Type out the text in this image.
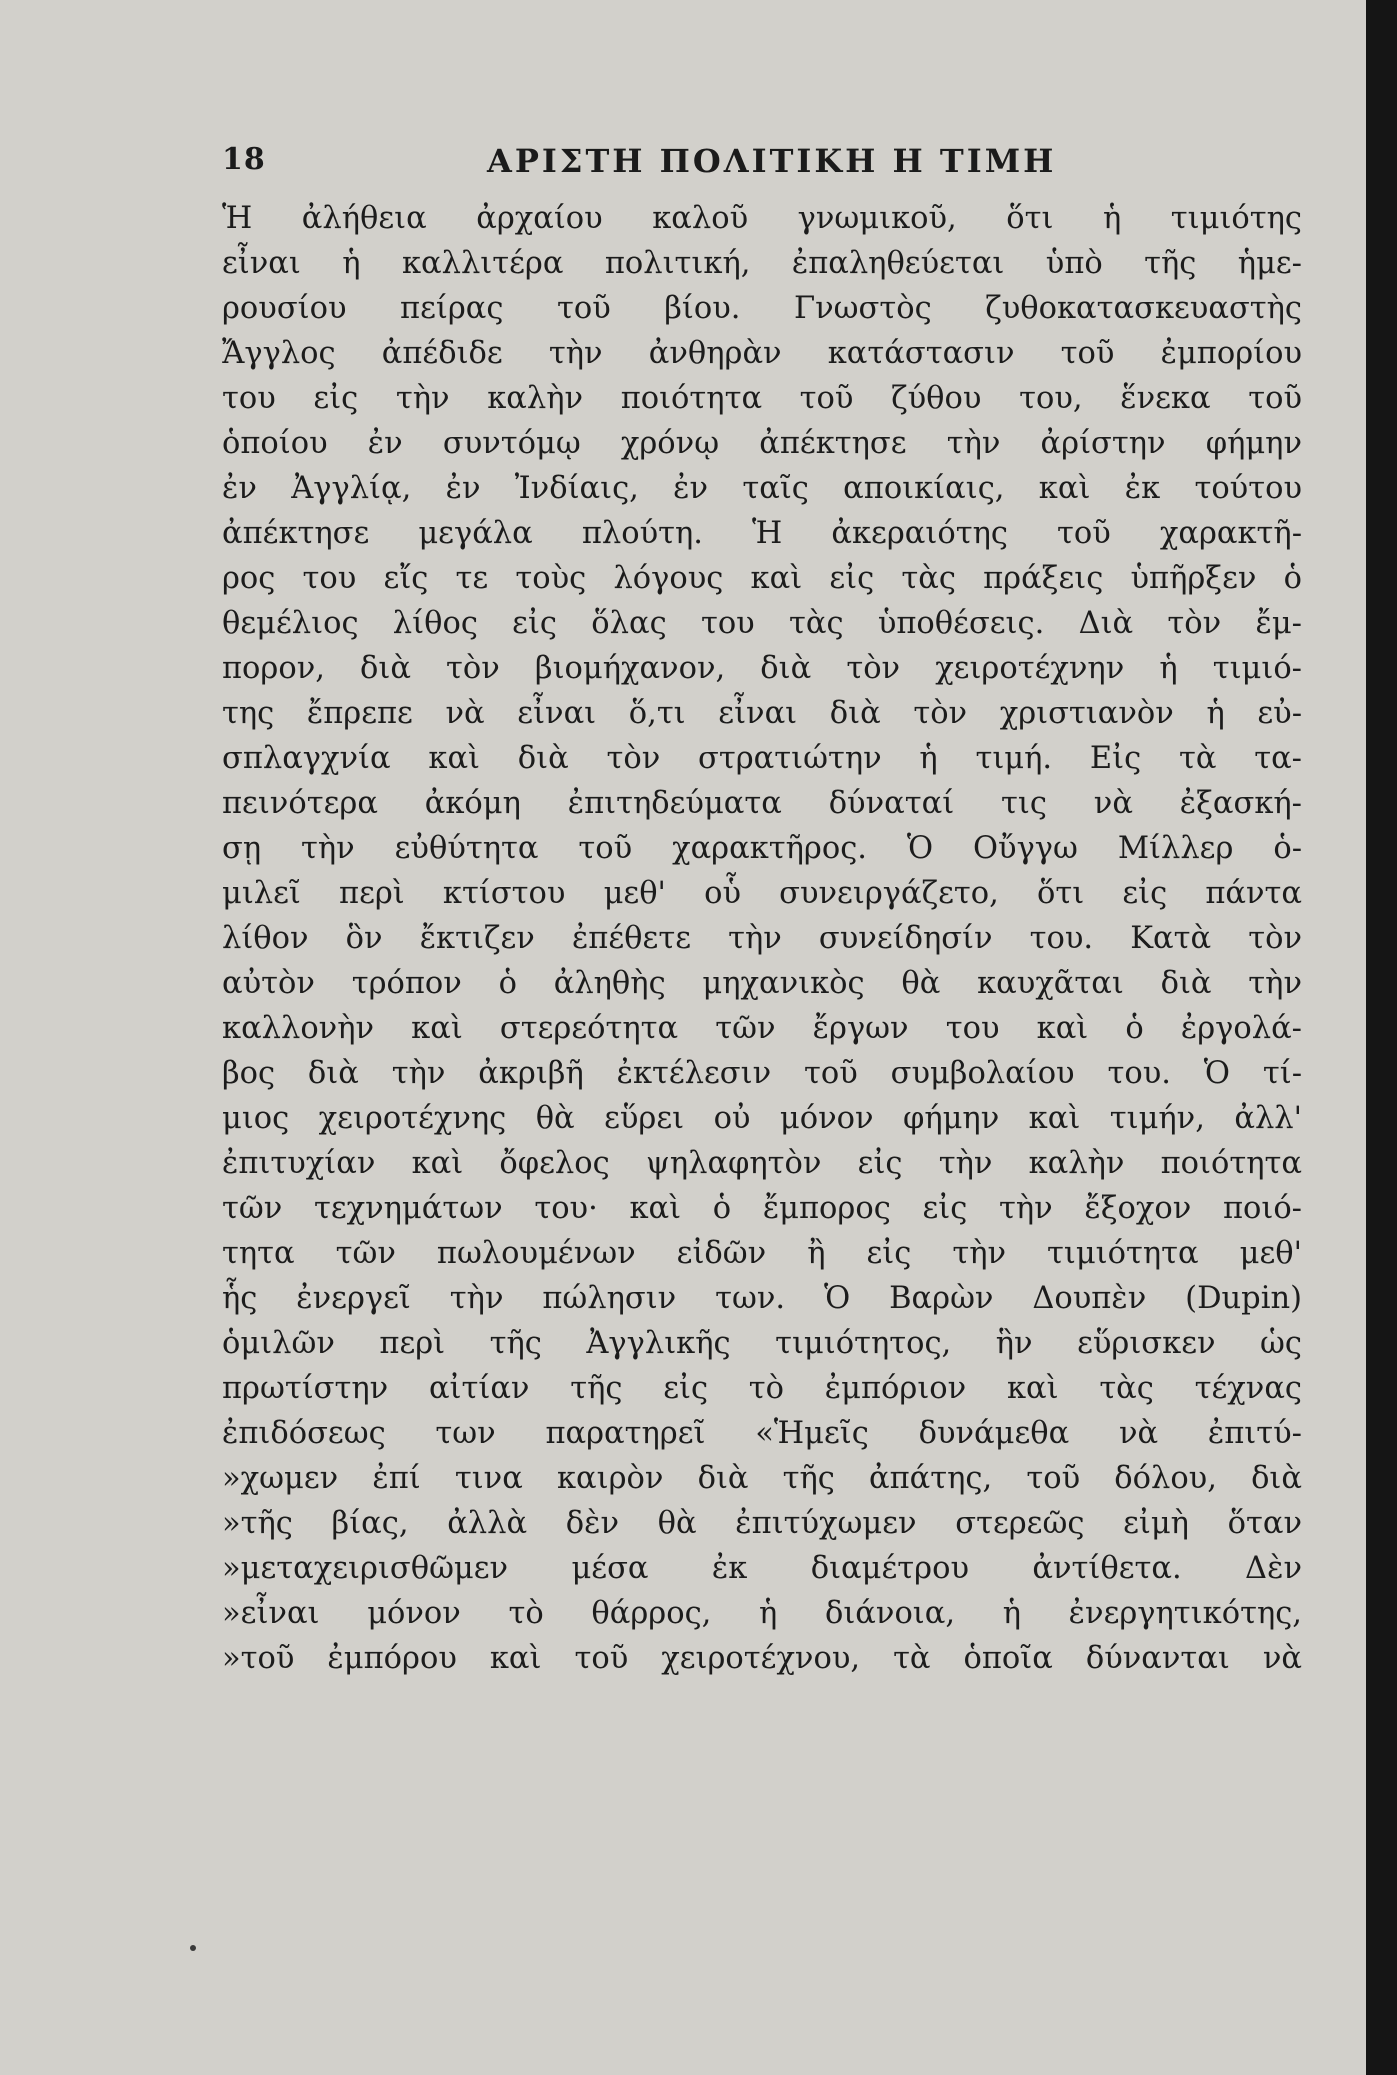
18	ΑΡΙΣΤΗ ΠΟΛΙΤΙΚΗ Η ΤΙΜΗ
Ἡ ἀλήθεια ἀρχαίου καλοῦ γνωμικοῦ, ὅτι ἡ τιμιότης
εἶναι ἡ καλλιτέρα πολιτική, ἐπαληθεύεται ὑπὸ τῆς ἡμε-
ρουσίου πείρας τοῦ βίου. Γνωστὸς ζυθοκατασκευαστὴς
Ἄγγλος ἀπέδιδε τὴν ἀνθηρὰν κατάστασιν τοῦ ἐμπορίου
του εἰς τὴν καλὴν ποιότητα τοῦ ζύθου του, ἕνεκα τοῦ
ὁποίου ἐν συντόμῳ χρόνῳ ἀπέκτησε τὴν ἀρίστην φήμην
ἐν Ἀγγλίᾳ, ἐν Ἰνδίαις, ἐν ταῖς αποικίαις, καὶ ἐκ τούτου
ἀπέκτησε μεγάλα πλούτη. Ἡ ἀκεραιότης τοῦ χαρακτῆ-
ρος του εἴς τε τοὺς λόγους καὶ εἰς τὰς πράξεις ὑπῆρξεν ὁ
θεμέλιος λίθος εἰς ὅλας του τὰς ὑποθέσεις. Διὰ τὸν ἔμ-
πορον, διὰ τὸν βιομήχανον, διὰ τὸν χειροτέχνην ἡ τιμιό-
της ἔπρεπε νὰ εἶναι ὅ,τι εἶναι διὰ τὸν χριστιανὸν ἡ εὐ-
σπλαγχνία καὶ διὰ τὸν στρατιώτην ἡ τιμή. Εἰς τὰ τα-
πεινότερα ἀκόμη ἐπιτηδεύματα δύναταί τις νὰ ἐξασκή-
σῃ τὴν εὐθύτητα τοῦ χαρακτῆρος. Ὁ Οὔγγω Μίλλερ ὁ-
μιλεῖ περὶ κτίστου μεθ' οὗ συνειργάζετο, ὅτι εἰς πάντα
λίθον ὃν ἔκτιζεν ἐπέθετε τὴν συνείδησίν του. Κατὰ τὸν
αὐτὸν τρόπον ὁ ἀληθὴς μηχανικὸς θὰ καυχᾶται διὰ τὴν
καλλονὴν καὶ στερεότητα τῶν ἔργων του καὶ ὁ ἐργολά-
βος διὰ τὴν ἀκριβῆ ἐκτέλεσιν τοῦ συμβολαίου του. Ὁ τί-
μιος χειροτέχνης θὰ εὕρει οὐ μόνον φήμην καὶ τιμήν, ἀλλ'
ἐπιτυχίαν καὶ ὄφελος ψηλαφητὸν εἰς τὴν καλὴν ποιότητα
τῶν τεχνημάτων του· καὶ ὁ ἔμπορος εἰς τὴν ἔξοχον ποιό-
τητα τῶν πωλουμένων εἰδῶν ἢ εἰς τὴν τιμιότητα μεθ'
ἧς ἐνεργεῖ τὴν πώλησιν των. Ὁ Βαρὼν Δουπὲν (Dupin)
ὁμιλῶν περὶ τῆς Ἀγγλικῆς τιμιότητος, ἣν εὕρισκεν ὡς
πρωτίστην αἰτίαν τῆς εἰς τὸ ἐμπόριον καὶ τὰς τέχνας
ἐπιδόσεως των παρατηρεῖ «Ἡμεῖς δυνάμεθα νὰ ἐπιτύ-
»χωμεν ἐπί τινα καιρὸν διὰ τῆς ἀπάτης, τοῦ δόλου, διὰ
»τῆς βίας, ἀλλὰ δὲν θὰ ἐπιτύχωμεν στερεῶς εἰμὴ ὅταν
»μεταχειρισθῶμεν μέσα ἐκ διαμέτρου ἀντίθετα. Δὲν
»εἶναι μόνον τὸ θάρρος, ἡ διάνοια, ἡ ἐνεργητικότης,
»τοῦ ἐμπόρου καὶ τοῦ χειροτέχνου, τὰ ὁποῖα δύνανται νὰ
